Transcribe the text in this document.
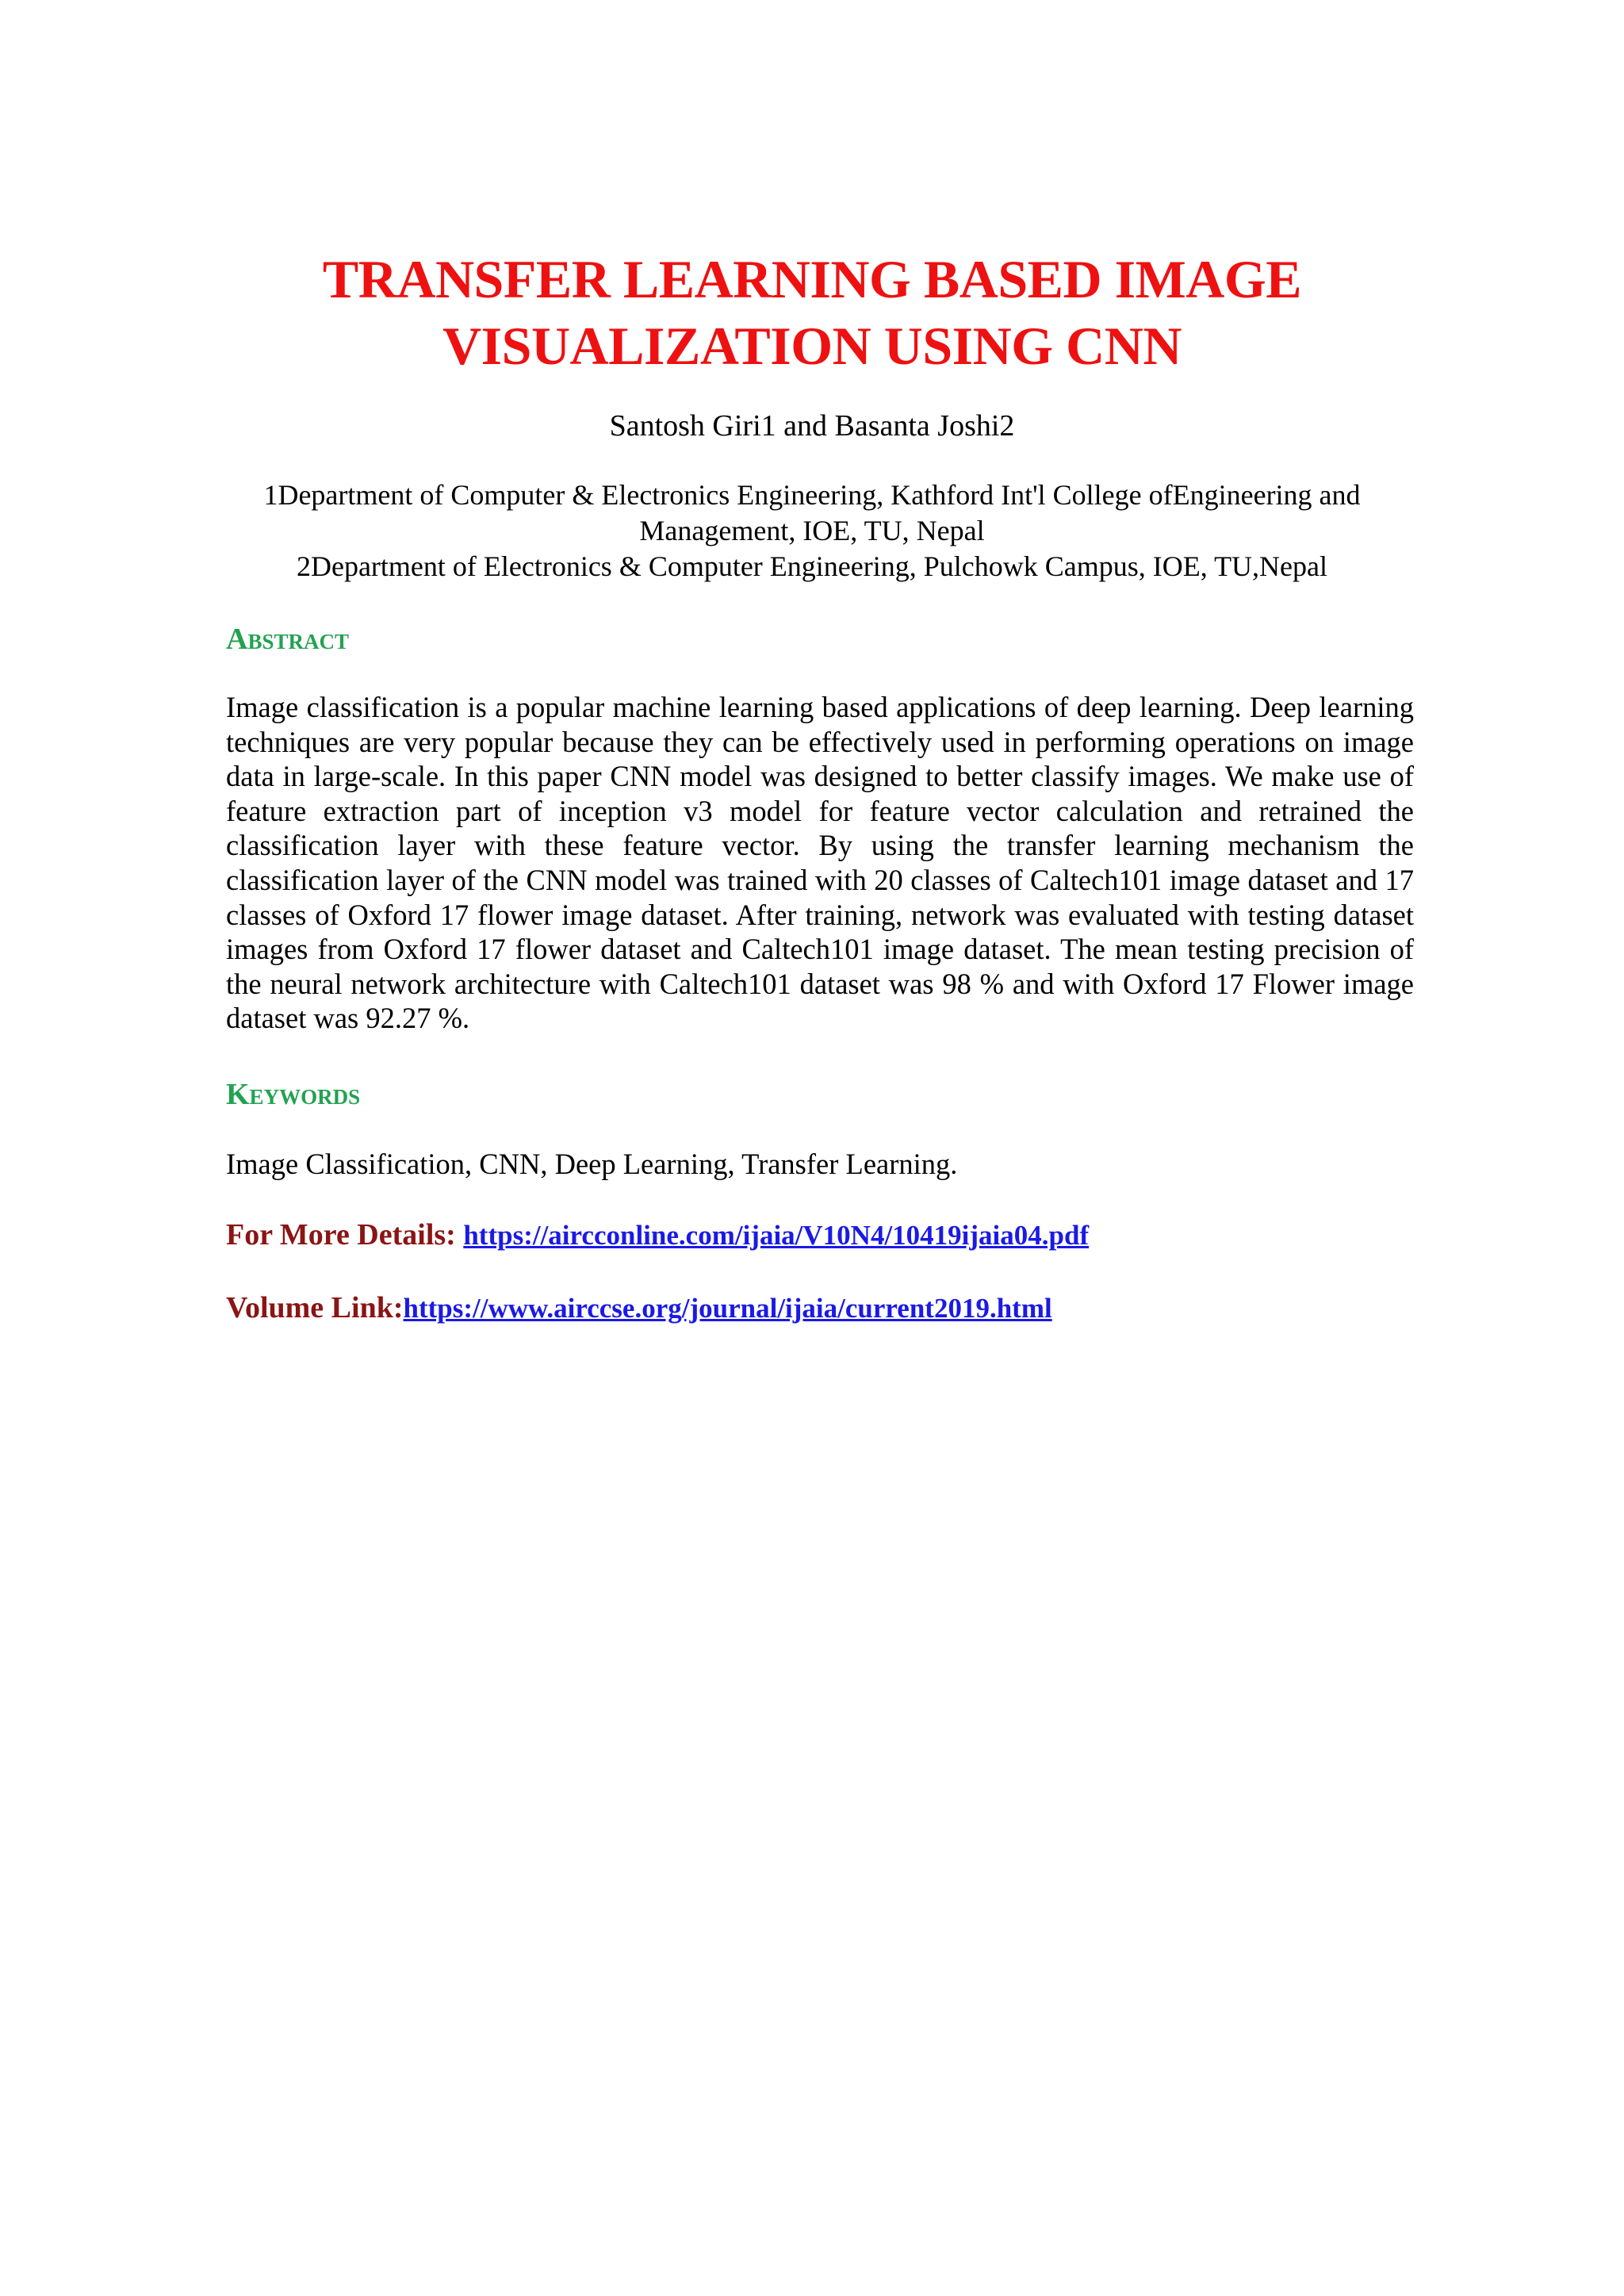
TRANSFER LEARNING BASED IMAGE VISUALIZATION USING CNN

Santosh Giri1 and Basanta Joshi2

1Department of Computer & Electronics Engineering, Kathford Int'l College ofEngineering and Management, IOE, TU, Nepal
2Department of Electronics & Computer Engineering, Pulchowk Campus, IOE, TU,Nepal

Abstract

Image classification is a popular machine learning based applications of deep learning. Deep learning techniques are very popular because they can be effectively used in performing operations on image data in large-scale. In this paper CNN model was designed to better classify images. We make use of feature extraction part of inception v3 model for feature vector calculation and retrained the classification layer with these feature vector. By using the transfer learning mechanism the classification layer of the CNN model was trained with 20 classes of Caltech101 image dataset and 17 classes of Oxford 17 flower image dataset. After training, network was evaluated with testing dataset images from Oxford 17 flower dataset and Caltech101 image dataset. The mean testing precision of the neural network architecture with Caltech101 dataset was 98 % and with Oxford 17 Flower image dataset was 92.27 %.

Keywords

Image Classification, CNN, Deep Learning, Transfer Learning.

For More Details: https://aircconline.com/ijaia/V10N4/10419ijaia04.pdf

Volume Link:https://www.airccse.org/journal/ijaia/current2019.html
